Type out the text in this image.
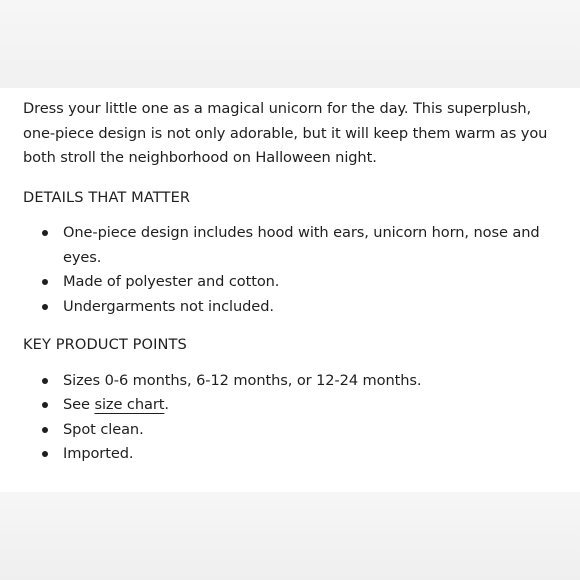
Dress your little one as a magical unicorn for the day. This superplush,
one-piece design is not only adorable, but it will keep them warm as you
both stroll the neighborhood on Halloween night.

DETAILS THAT MATTER
One-piece design includes hood with ears, unicorn horn, nose and eyes.
Made of polyester and cotton.
Undergarments not included.
KEY PRODUCT POINTS
Sizes 0-6 months, 6-12 months, or 12-24 months.
See size chart.
Spot clean.
Imported.
